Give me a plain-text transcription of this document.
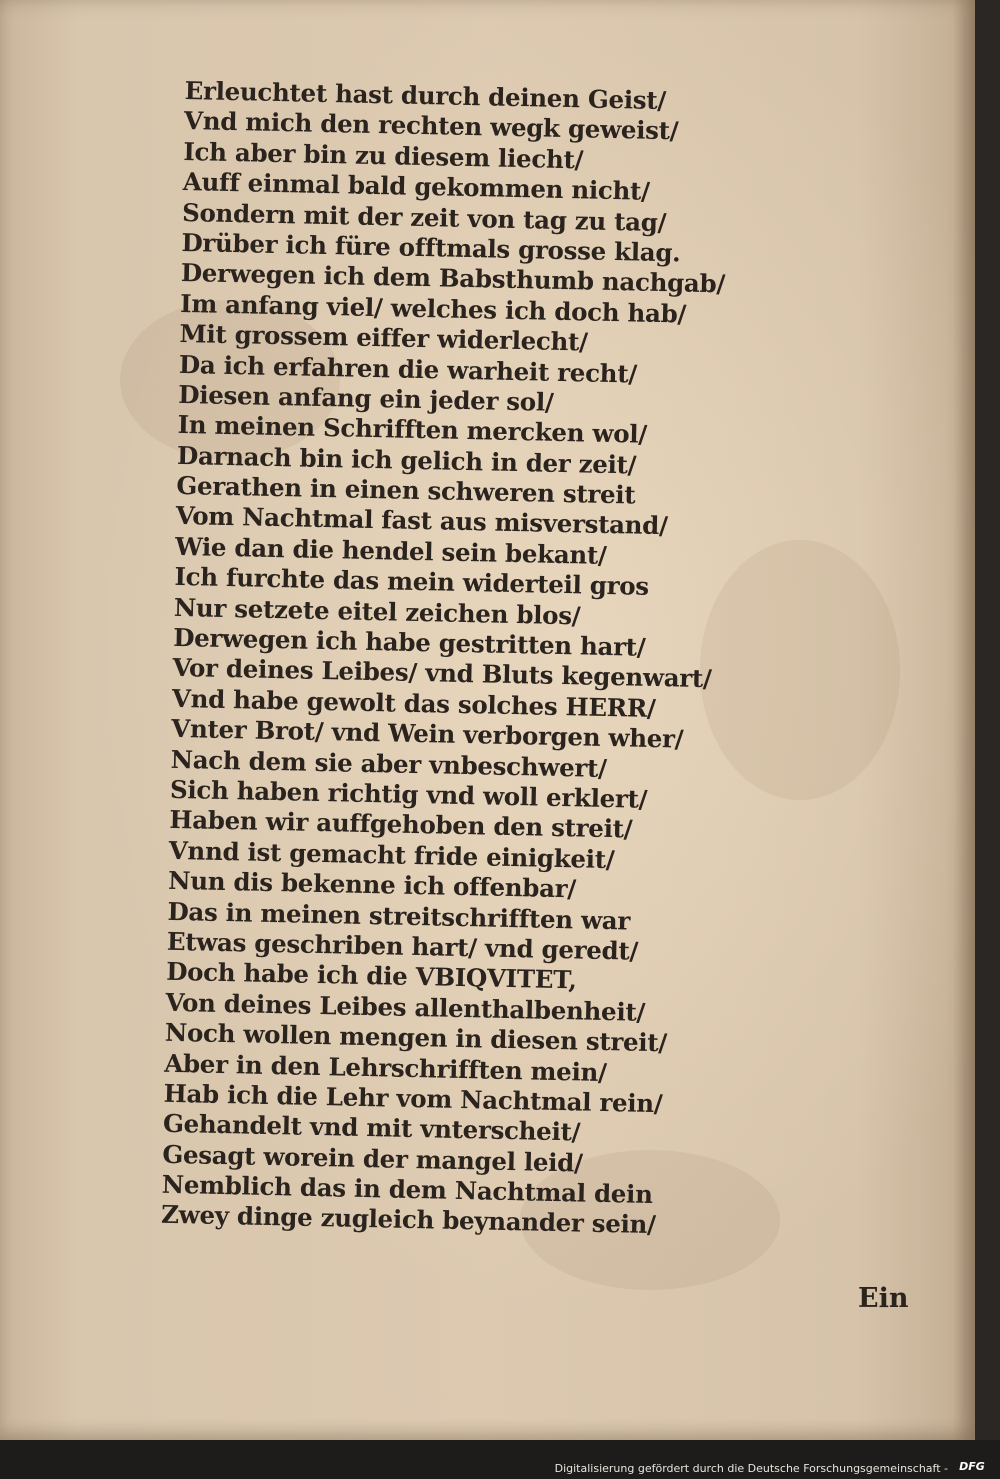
Erleuchtet hast durch deinen Geist/
Vnd mich den rechten wegk geweist/
Ich aber bin zu diesem liecht/
Auff einmal bald gekommen nicht/
Sondern mit der zeit von tag zu tag/
Drüber ich füre offtmals grosse klag.
Derwegen ich dem Babsthumb nachgab/
Im anfang viel/ welches ich doch hab/
Mit grossem eiffer widerlecht/
Da ich erfahren die warheit recht/
Diesen anfang ein jeder sol/
In meinen Schrifften mercken wol/
Darnach bin ich gelich in der zeit/
Gerathen in einen schweren streit
Vom Nachtmal fast aus misverstand/
Wie dan die hendel sein bekant/
Ich furchte das mein widerteil gros
Nur setzete eitel zeichen blos/
Derwegen ich habe gestritten hart/
Vor deines Leibes/ vnd Bluts kegenwart/
Vnd habe gewolt das solches HERR/
Vnter Brot/ vnd Wein verborgen wher/
Nach dem sie aber vnbeschwert/
Sich haben richtig vnd woll erklert/
Haben wir auffgehoben den streit/
Vnnd ist gemacht fride einigkeit/
Nun dis bekenne ich offenbar/
Das in meinen streitschrifften war
Etwas geschriben hart/ vnd geredt/
Doch habe ich die VBIQVITET,
Von deines Leibes allenthalbenheit/
Noch wollen mengen in diesen streit/
Aber in den Lehrschrifften mein/
Hab ich die Lehr vom Nachtmal rein/
Gehandelt vnd mit vnterscheit/
Gesagt worein der mangel leid/
Nemblich das in dem Nachtmal dein
Zwey dinge zugleich beynander sein/
Ein
Digitalisierung gefördert durch die Deutsche Forschungsgemeinschaft -	DFG
